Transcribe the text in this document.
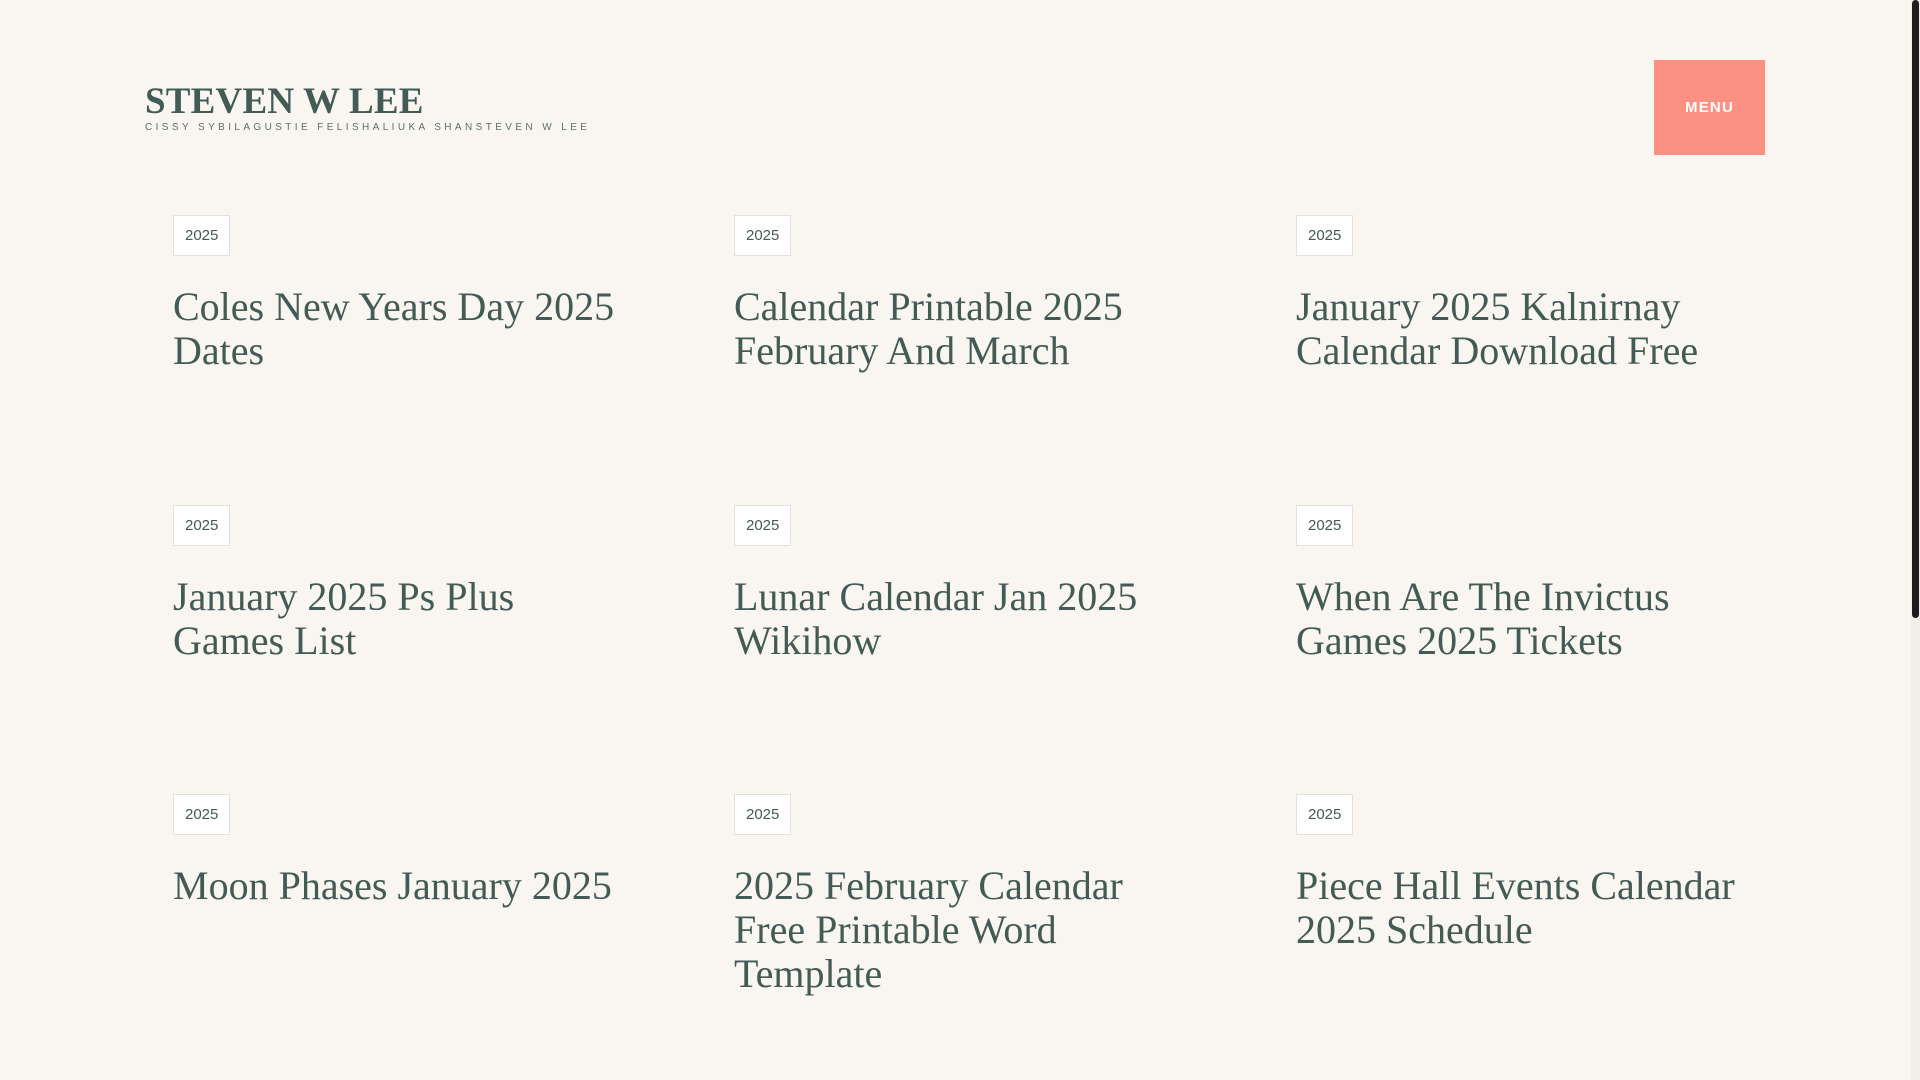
STEVEN W LEE
CISSY SYBILAGUSTIE FELISHALIUKA SHANSTEVEN W LEE
MENU
2025
Coles New Years Day 2025 Dates
2025
Calendar Printable 2025 February And March
2025
January 2025 Kalnirnay Calendar Download Free
2025
January 2025 Ps Plus Games List
2025
Lunar Calendar Jan 2025 Wikihow
2025
When Are The Invictus Games 2025 Tickets
2025
Moon Phases January 2025
2025
2025 February Calendar Free Printable Word Template
2025
Piece Hall Events Calendar 2025 Schedule
